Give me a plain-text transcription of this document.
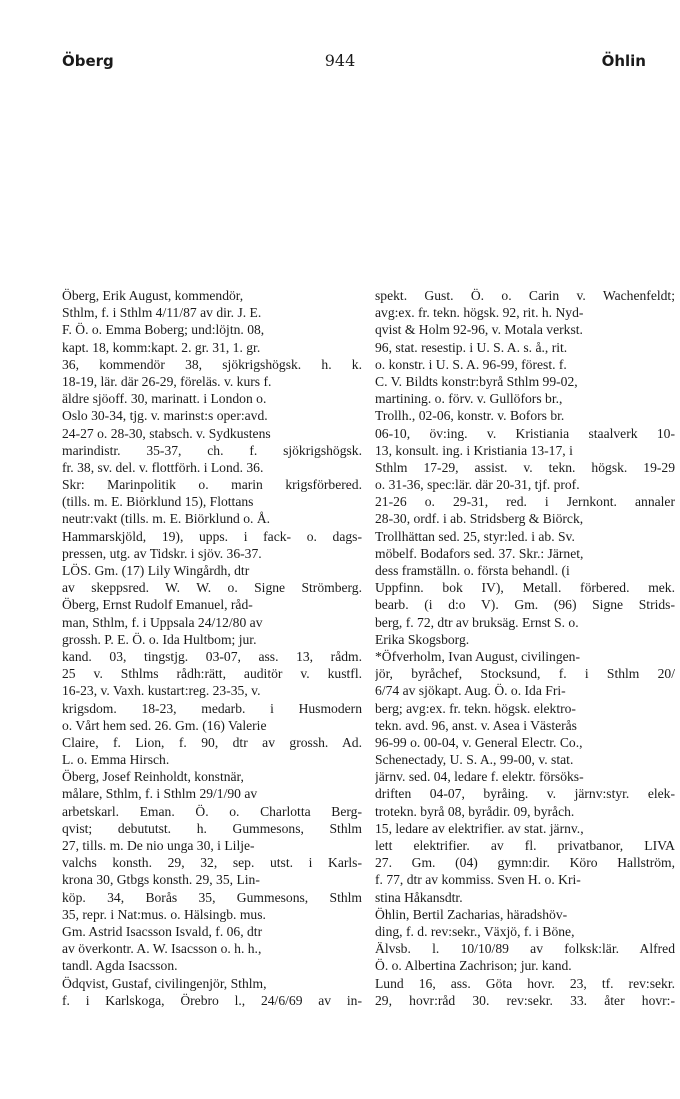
Öberg	944	Öhlin
Öberg, Erik August, kommendör,
Sthlm, f. i Sthlm 4/11/87 av dir. J. E.
F. Ö. o. Emma Boberg; und:löjtn. 08,
kapt. 18, komm:kapt. 2. gr. 31, 1. gr.
36, kommendör 38, sjökrigshögsk. h. k.
18-19, lär. där 26-29, föreläs. v. kurs f.
äldre sjöoff. 30, marinatt. i London o.
Oslo 30-34, tjg. v. marinst:s oper:avd.
24-27 o. 28-30, stabsch. v. Sydkustens
marindistr. 35-37, ch. f. sjökrigshögsk.
fr. 38, sv. del. v. flottförh. i Lond. 36.
Skr: Marinpolitik o. marin krigsförbered.
(tills. m. E. Biörklund 15), Flottans
neutr:vakt (tills. m. E. Biörklund o. Å.
Hammarskjöld, 19), upps. i fack- o. dags-
pressen, utg. av Tidskr. i sjöv. 36-37.
LÖS. Gm. (17) Lily Wingårdh, dtr
av skeppsred. W. W. o. Signe Strömberg.
Öberg, Ernst Rudolf Emanuel, råd-
man, Sthlm, f. i Uppsala 24/12/80 av
grossh. P. E. Ö. o. Ida Hultbom; jur.
kand. 03, tingstjg. 03-07, ass. 13, rådm.
25 v. Sthlms rådh:rätt, auditör v. kustfl.
16-23, v. Vaxh. kustart:reg. 23-35, v.
krigsdom. 18-23, medarb. i Husmodern
o. Vårt hem sed. 26. Gm. (16) Valerie
Claire, f. Lion, f. 90, dtr av grossh. Ad.
L. o. Emma Hirsch.
Öberg, Josef Reinholdt, konstnär,
målare, Sthlm, f. i Sthlm 29/1/90 av
arbetskarl. Eman. Ö. o. Charlotta Berg-
qvist; debututst. h. Gummesons, Sthlm
27, tills. m. De nio unga 30, i Lilje-
valchs konsth. 29, 32, sep. utst. i Karls-
krona 30, Gtbgs konsth. 29, 35, Lin-
köp. 34, Borås 35, Gummesons, Sthlm
35, repr. i Nat:mus. o. Hälsingb. mus.
Gm. Astrid Isacsson Isvald, f. 06, dtr
av överkontr. A. W. Isacsson o. h. h.,
tandl. Agda Isacsson.
Ödqvist, Gustaf, civilingenjör, Sthlm,
f. i Karlskoga, Örebro l., 24/6/69 av in-
spekt. Gust. Ö. o. Carin v. Wachenfeldt;
avg:ex. fr. tekn. högsk. 92, rit. h. Nyd-
qvist & Holm 92-96, v. Motala verkst.
96, stat. resestip. i U. S. A. s. å., rit.
o. konstr. i U. S. A. 96-99, förest. f.
C. V. Bildts konstr:byrå Sthlm 99-02,
martining. o. förv. v. Gullöfors br.,
Trollh., 02-06, konstr. v. Bofors br.
06-10, öv:ing. v. Kristiania staalverk 10-
13, konsult. ing. i Kristiania 13-17, i
Sthlm 17-29, assist. v. tekn. högsk. 19-29
o. 31-36, spec:lär. där 20-31, tjf. prof.
21-26 o. 29-31, red. i Jernkont. annaler
28-30, ordf. i ab. Stridsberg & Biörck,
Trollhättan sed. 25, styr:led. i ab. Sv.
möbelf. Bodafors sed. 37. Skr.: Järnet,
dess framställn. o. första behandl. (i
Uppfinn. bok IV), Metall. förbered. mek.
bearb. (i d:o V). Gm. (96) Signe Strids-
berg, f. 72, dtr av bruksäg. Ernst S. o.
Erika Skogsborg.
*Öfverholm, Ivan August, civilingen-
jör, byråchef, Stocksund, f. i Sthlm 20/
6/74 av sjökapt. Aug. Ö. o. Ida Fri-
berg; avg:ex. fr. tekn. högsk. elektro-
tekn. avd. 96, anst. v. Asea i Västerås
96-99 o. 00-04, v. General Electr. Co.,
Schenectady, U. S. A., 99-00, v. stat.
järnv. sed. 04, ledare f. elektr. försöks-
driften 04-07, byråing. v. järnv:styr. elek-
trotekn. byrå 08, byrådir. 09, byråch.
15, ledare av elektrifier. av stat. järnv.,
lett elektrifier. av fl. privatbanor, LIVA
27. Gm. (04) gymn:dir. Köro Hallström,
f. 77, dtr av kommiss. Sven H. o. Kri-
stina Håkansdtr.
Öhlin, Bertil Zacharias, häradshöv-
ding, f. d. rev:sekr., Växjö, f. i Böne,
Älvsb. l. 10/10/89 av folksk:lär. Alfred
Ö. o. Albertina Zachrison; jur. kand.
Lund 16, ass. Göta hovr. 23, tf. rev:sekr.
29, hovr:råd 30. rev:sekr. 33. åter hovr:-
